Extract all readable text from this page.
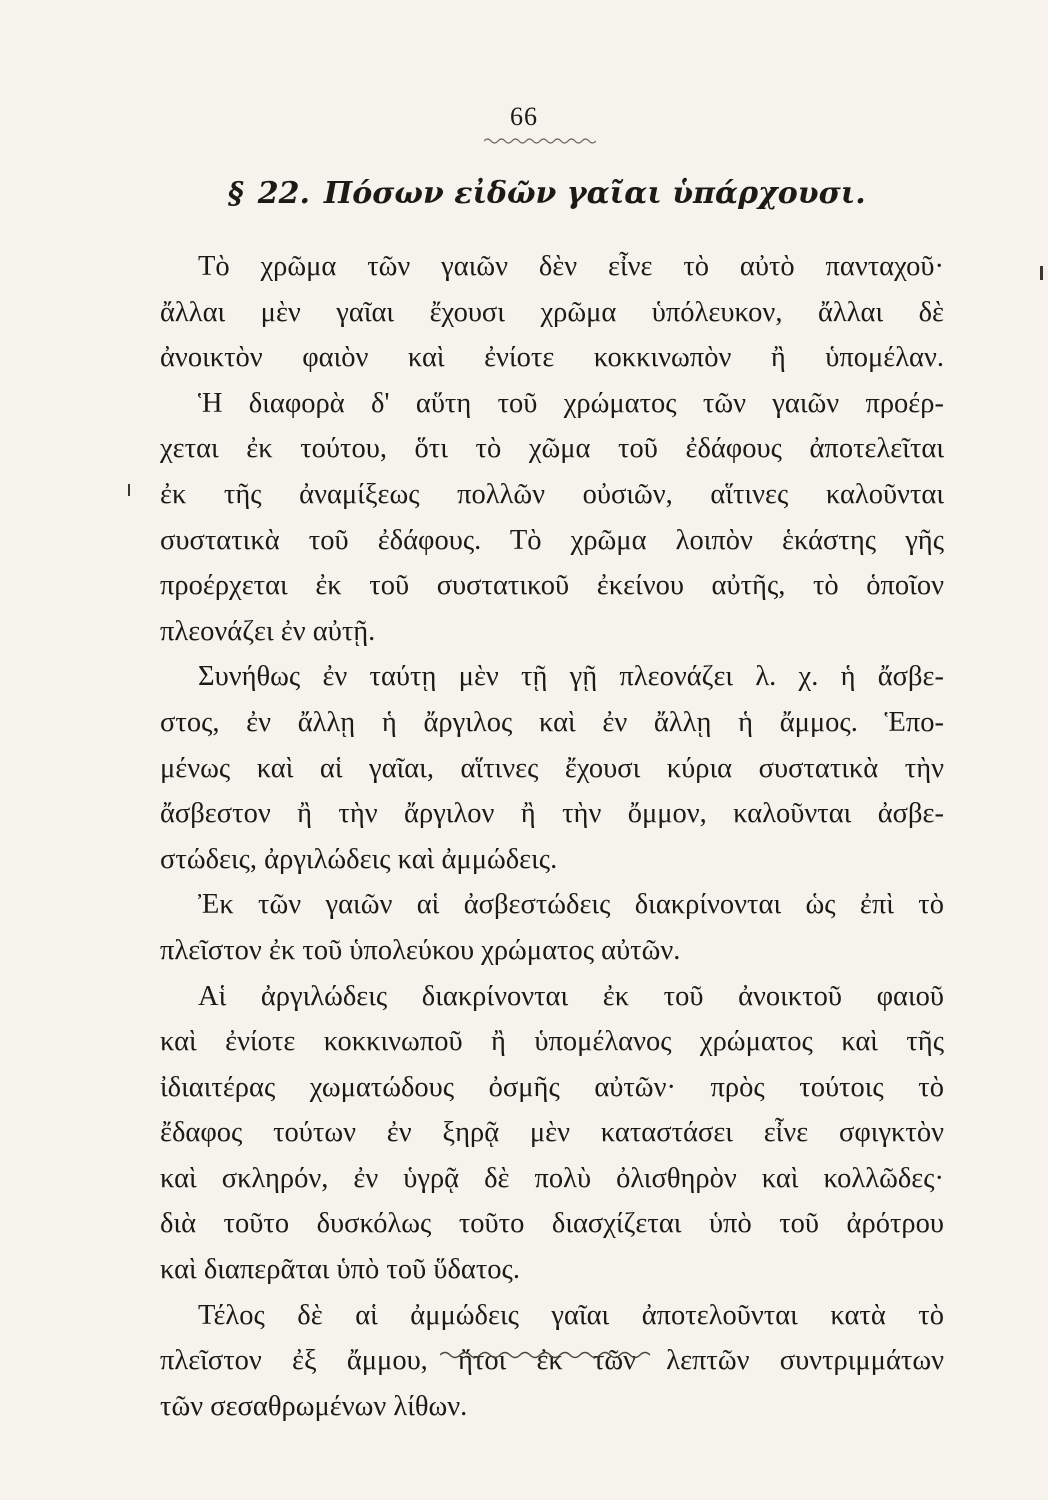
66
§ 22. Πόσων εἰδῶν γαῖαι ὑπάρχουσι.
Τὸ χρῶμα τῶν γαιῶν δὲν εἶνε τὸ αὐτὸ πανταχοῦ·
ἄλλαι μὲν γαῖαι ἔχουσι χρῶμα ὑπόλευκον, ἄλλαι δὲ
ἀνοικτὸν φαιὸν καὶ ἐνίοτε κοκκινωπὸν ἢ ὑπομέλαν.
Ἡ διαφορὰ δ' αὕτη τοῦ χρώματος τῶν γαιῶν προέρ-
χεται ἐκ τούτου, ὅτι τὸ χῶμα τοῦ ἐδάφους ἀποτελεῖται
ἐκ τῆς ἀναμίξεως πολλῶν οὐσιῶν, αἵτινες καλοῦνται
συστατικὰ τοῦ ἐδάφους. Τὸ χρῶμα λοιπὸν ἑκάστης γῆς
προέρχεται ἐκ τοῦ συστατικοῦ ἐκείνου αὐτῆς, τὸ ὁποῖον
πλεονάζει ἐν αὐτῇ.
Συνήθως ἐν ταύτῃ μὲν τῇ γῇ πλεονάζει λ. χ. ἡ ἄσβε-
στος, ἐν ἄλλῃ ἡ ἄργιλος καὶ ἐν ἄλλῃ ἡ ἄμμος. Ἑπο-
μένως καὶ αἱ γαῖαι, αἵτινες ἔχουσι κύρια συστατικὰ τὴν
ἄσβεστον ἢ τὴν ἄργιλον ἢ τὴν ὄμμον, καλοῦνται ἀσβε-
στώδεις, ἀργιλώδεις καὶ ἀμμώδεις.
Ἐκ τῶν γαιῶν αἱ ἀσβεστώδεις διακρίνονται ὡς ἐπὶ τὸ
πλεῖστον ἐκ τοῦ ὑπολεύκου χρώματος αὐτῶν.
Αἱ ἀργιλώδεις διακρίνονται ἐκ τοῦ ἀνοικτοῦ φαιοῦ
καὶ ἐνίοτε κοκκινωποῦ ἢ ὑπομέλανος χρώματος καὶ τῆς
ἰδιαιτέρας χωματώδους ὀσμῆς αὐτῶν· πρὸς τούτοις τὸ
ἔδαφος τούτων ἐν ξηρᾷ μὲν καταστάσει εἶνε σφιγκτὸν
καὶ σκληρόν, ἐν ὑγρᾷ δὲ πολὺ ὀλισθηρὸν καὶ κολλῶδες·
διὰ τοῦτο δυσκόλως τοῦτο διασχίζεται ὑπὸ τοῦ ἀρότρου
καὶ διαπερᾶται ὑπὸ τοῦ ὕδατος.
Τέλος δὲ αἱ ἀμμώδεις γαῖαι ἀποτελοῦνται κατὰ τὸ
πλεῖστον ἐξ ἄμμου, ἤτοι ἐκ τῶν λεπτῶν συντριμμάτων
τῶν σεσαθρωμένων λίθων.
